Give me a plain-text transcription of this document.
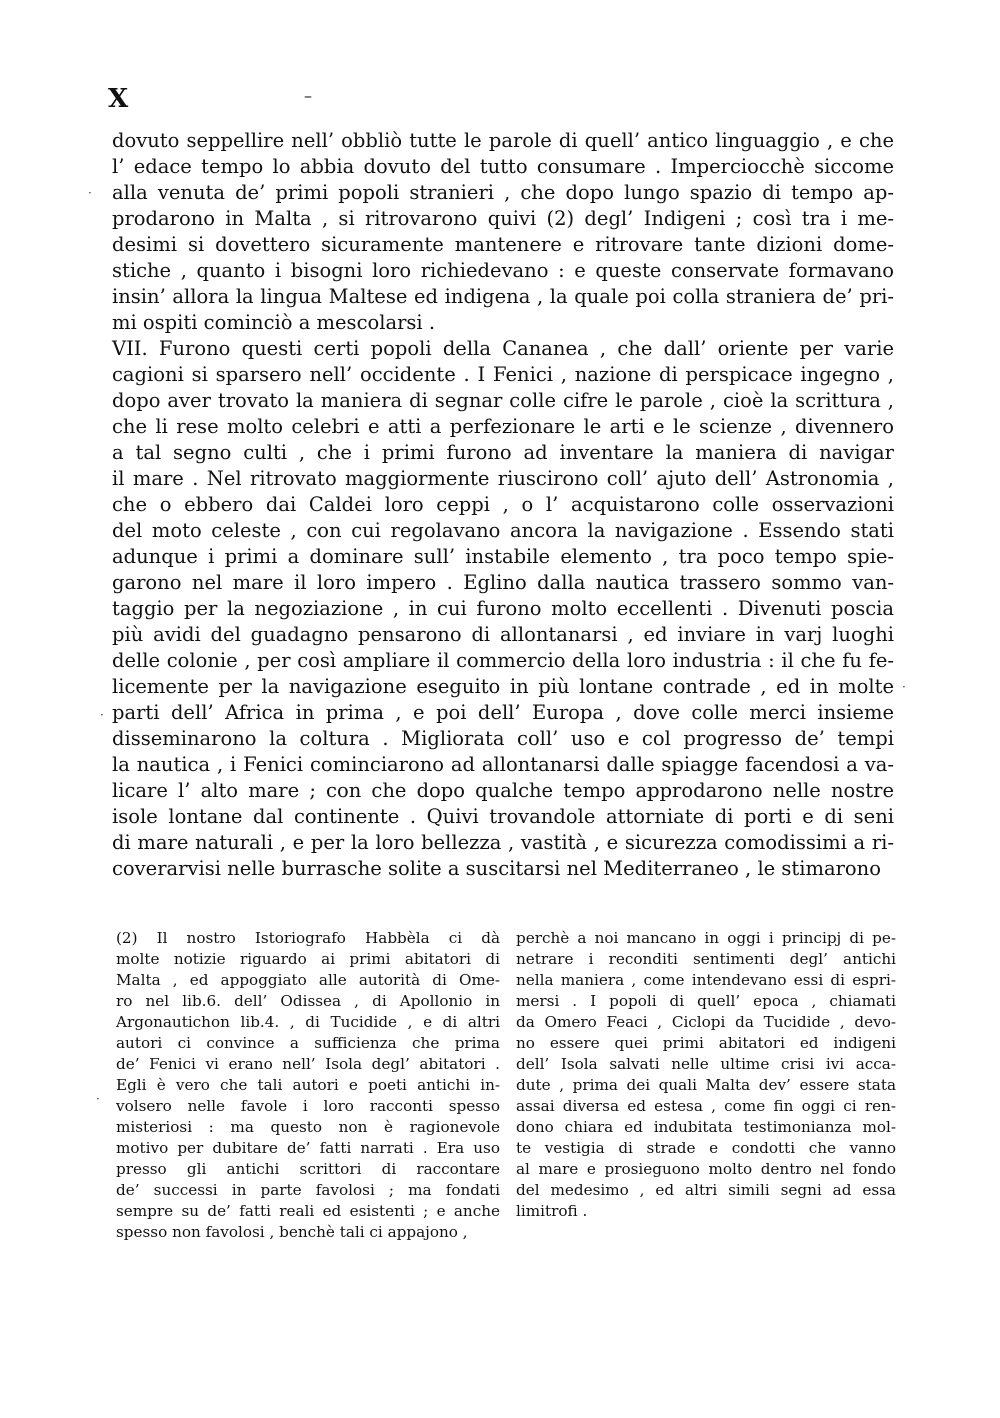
X	–
dovuto seppellire nell’ obbliò tutte le parole di quell’ antico linguaggio , e che
l’ edace tempo lo abbia dovuto del tutto consumare . Imperciocchè siccome
alla venuta de’ primi popoli stranieri , che dopo lungo spazio di tempo ap-
prodarono in Malta , si ritrovarono quivi (2) degl’ Indigeni ; così tra i me-
desimi si dovettero sicuramente mantenere e ritrovare tante dizioni dome-
stiche , quanto i bisogni loro richiedevano : e queste conservate formavano
insin’ allora la lingua Maltese ed indigena , la quale poi colla straniera de’ pri-
mi ospiti cominciò a mescolarsi .
VII. Furono questi certi popoli della Cananea , che dall’ oriente per varie
cagioni si sparsero nell’ occidente . I Fenici , nazione di perspicace ingegno ,
dopo aver trovato la maniera di segnar colle cifre le parole , cioè la scrittura ,
che li rese molto celebri e atti a perfezionare le arti e le scienze , divennero
a tal segno culti , che i primi furono ad inventare la maniera di navigar
il mare . Nel ritrovato maggiormente riuscirono coll’ ajuto dell’ Astronomia ,
che o ebbero dai Caldei loro ceppi , o l’ acquistarono colle osservazioni
del moto celeste , con cui regolavano ancora la navigazione . Essendo stati
adunque i primi a dominare sull’ instabile elemento , tra poco tempo spie-
garono nel mare il loro impero . Eglino dalla nautica trassero sommo van-
taggio per la negoziazione , in cui furono molto eccellenti . Divenuti poscia
più avidi del guadagno pensarono di allontanarsi , ed inviare in varj luoghi
delle colonie , per così ampliare il commercio della loro industria : il che fu fe-
licemente per la navigazione eseguito in più lontane contrade , ed in molte
parti dell’ Africa in prima , e poi dell’ Europa , dove colle merci insieme
disseminarono la coltura . Migliorata coll’ uso e col progresso de’ tempi
la nautica , i Fenici cominciarono ad allontanarsi dalle spiagge facendosi a va-
licare l’ alto mare ; con che dopo qualche tempo approdarono nelle nostre
isole lontane dal continente . Quivi trovandole attorniate di porti e di seni
di mare naturali , e per la loro bellezza , vastità , e sicurezza comodissimi a ri-
coverarvisi nelle burrasche solite a suscitarsi nel Mediterraneo , le stimarono
(2) Il nostro Istoriografo Habbèla ci dà
molte notizie riguardo ai primi abitatori di
Malta , ed appoggiato alle autorità di Ome-
ro nel lib.6. dell’ Odissea , di Apollonio in
Argonautichon lib.4. , di Tucidide , e di altri
autori ci convince a sufficienza che prima
de’ Fenici vi erano nell’ Isola degl’ abitatori .
Egli è vero che tali autori e poeti antichi in-
volsero nelle favole i loro racconti spesso
misteriosi : ma questo non è ragionevole
motivo per dubitare de’ fatti narrati . Era uso
presso gli antichi scrittori di raccontare
de’ successi in parte favolosi ; ma fondati
sempre su de’ fatti reali ed esistenti ; e anche
spesso non favolosi , benchè tali ci appajono ,
perchè a noi mancano in oggi i principj di pe-
netrare i reconditi sentimenti degl’ antichi
nella maniera , come intendevano essi di espri-
mersi . I popoli di quell’ epoca , chiamati
da Omero Feaci , Ciclopi da Tucidide , devo-
no essere quei primi abitatori ed indigeni
dell’ Isola salvati nelle ultime crisi ivi acca-
dute , prima dei quali Malta dev’ essere stata
assai diversa ed estesa , come fin oggi ci ren-
dono chiara ed indubitata testimonianza mol-
te vestigia di strade e condotti che vanno
al mare e prosieguono molto dentro nel fondo
del medesimo , ed altri simili segni ad essa
limitrofi .
·
·
·
·
